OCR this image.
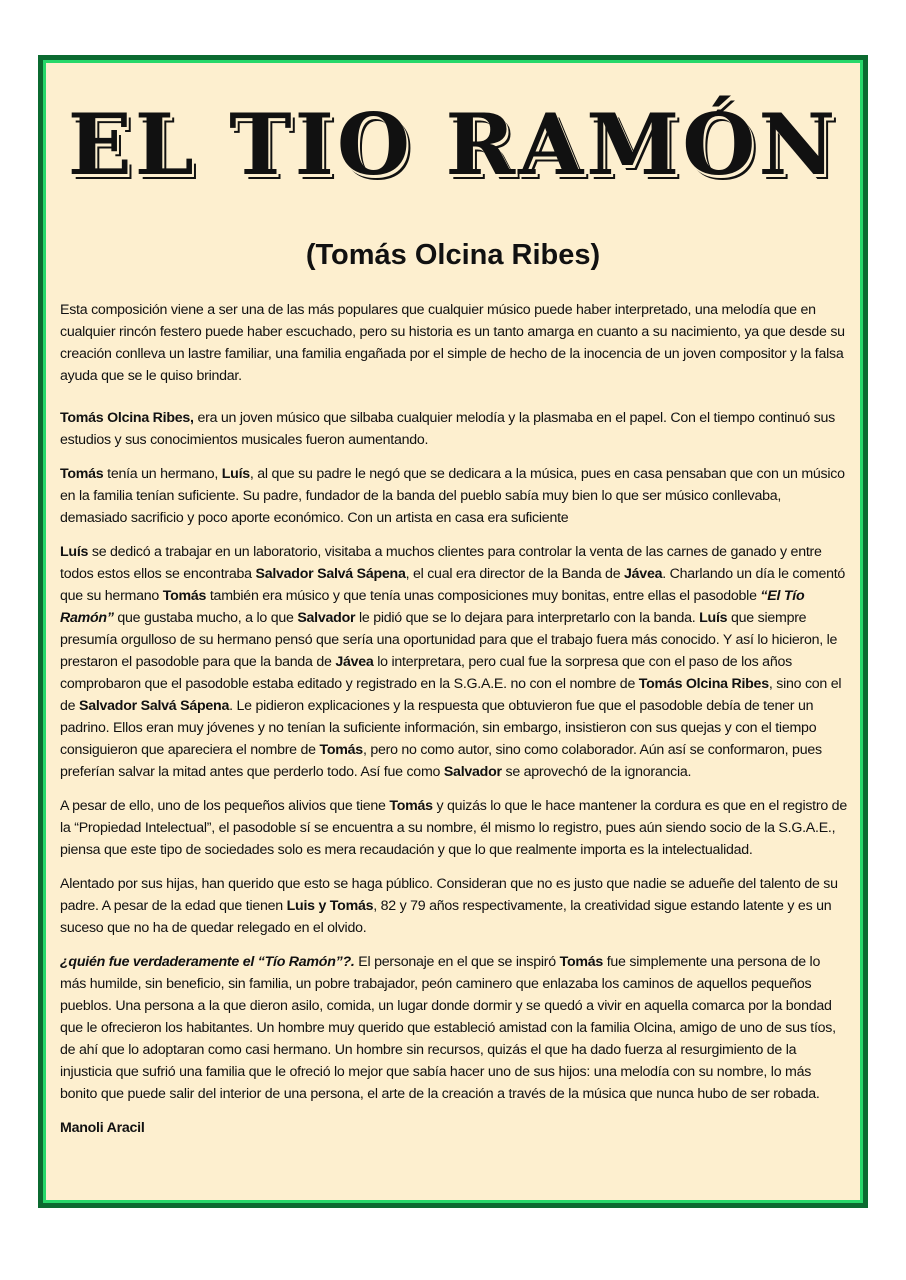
EL TIO RAMÓN
(Tomás Olcina Ribes)

Esta composición viene a ser una de las más populares que cualquier músico puede haber interpretado, una melodía que en cualquier rincón festero puede haber escuchado, pero su historia es un tanto amarga en cuanto a su nacimiento, ya que desde su creación conlleva un lastre familiar, una familia engañada por el simple de hecho de la inocencia de un joven compositor y la falsa ayuda que se le quiso brindar.

Tomás Olcina Ribes, era un joven músico que silbaba cualquier melodía y la plasmaba en el papel. Con el tiempo continuó sus estudios y sus conocimientos musicales fueron aumentando.

Tomás tenía un hermano, Luís, al que su padre le negó que se dedicara a la música, pues en casa pensaban que con un músico en la familia tenían suficiente. Su padre, fundador de la banda del pueblo sabía muy bien lo que ser músico conllevaba, demasiado sacrificio y poco aporte económico. Con un artista en casa era suficiente

Luís se dedicó a trabajar en un laboratorio, visitaba a muchos clientes para controlar la venta de las carnes de ganado y entre todos estos ellos se encontraba Salvador Salvá Sápena, el cual era director de la Banda de Jávea. Charlando un día le comentó que su hermano Tomás también era músico y que tenía unas composiciones muy bonitas, entre ellas el pasodoble “El Tío Ramón” que gustaba mucho, a lo que Salvador le pidió que se lo dejara para interpretarlo con la banda. Luís que siempre presumía orgulloso de su hermano pensó que sería una oportunidad para que el trabajo fuera más conocido. Y así lo hicieron, le prestaron el pasodoble para que la banda de Jávea lo interpretara, pero cual fue la sorpresa que con el paso de los años comprobaron que el pasodoble estaba editado y registrado en la S.G.A.E. no con el nombre de Tomás Olcina Ribes, sino con el de Salvador Salvá Sápena. Le pidieron explicaciones y la respuesta que obtuvieron fue que el pasodoble debía de tener un padrino. Ellos eran muy jóvenes y no tenían la suficiente información, sin embargo, insistieron con sus quejas y con el tiempo consiguieron que apareciera el nombre de Tomás, pero no como autor, sino como colaborador. Aún así se conformaron, pues preferían salvar la mitad antes que perderlo todo. Así fue como Salvador se aprovechó de la ignorancia.

A pesar de ello, uno de los pequeños alivios que tiene Tomás y quizás lo que le hace mantener la cordura es que en el registro de la “Propiedad Intelectual”, el pasodoble sí se encuentra a su nombre, él mismo lo registro, pues aún siendo socio de la S.G.A.E., piensa que este tipo de sociedades solo es mera recaudación y que lo que realmente importa es la intelectualidad.

Alentado por sus hijas, han querido que esto se haga público. Consideran que no es justo que nadie se adueñe del talento de su padre. A pesar de la edad que tienen Luis y Tomás, 82 y 79 años respectivamente, la creatividad sigue estando latente y es un suceso que no ha de quedar relegado en el olvido.

¿quién fue verdaderamente el “Tío Ramón”?. El personaje en el que se inspiró Tomás fue simplemente una persona de lo más humilde, sin beneficio, sin familia, un pobre trabajador, peón caminero que enlazaba los caminos de aquellos pequeños pueblos. Una persona a la que dieron asilo, comida, un lugar donde dormir y se quedó a vivir en aquella comarca por la bondad que le ofrecieron los habitantes. Un hombre muy querido que estableció amistad con la familia Olcina, amigo de uno de sus tíos, de ahí que lo adoptaran como casi hermano. Un hombre sin recursos, quizás el que ha dado fuerza al resurgimiento de la injusticia que sufrió una familia que le ofreció lo mejor que sabía hacer uno de sus hijos: una melodía con su nombre, lo más bonito que puede salir del interior de una persona, el arte de la creación a través de la música que nunca hubo de ser robada.

Manoli Aracil
